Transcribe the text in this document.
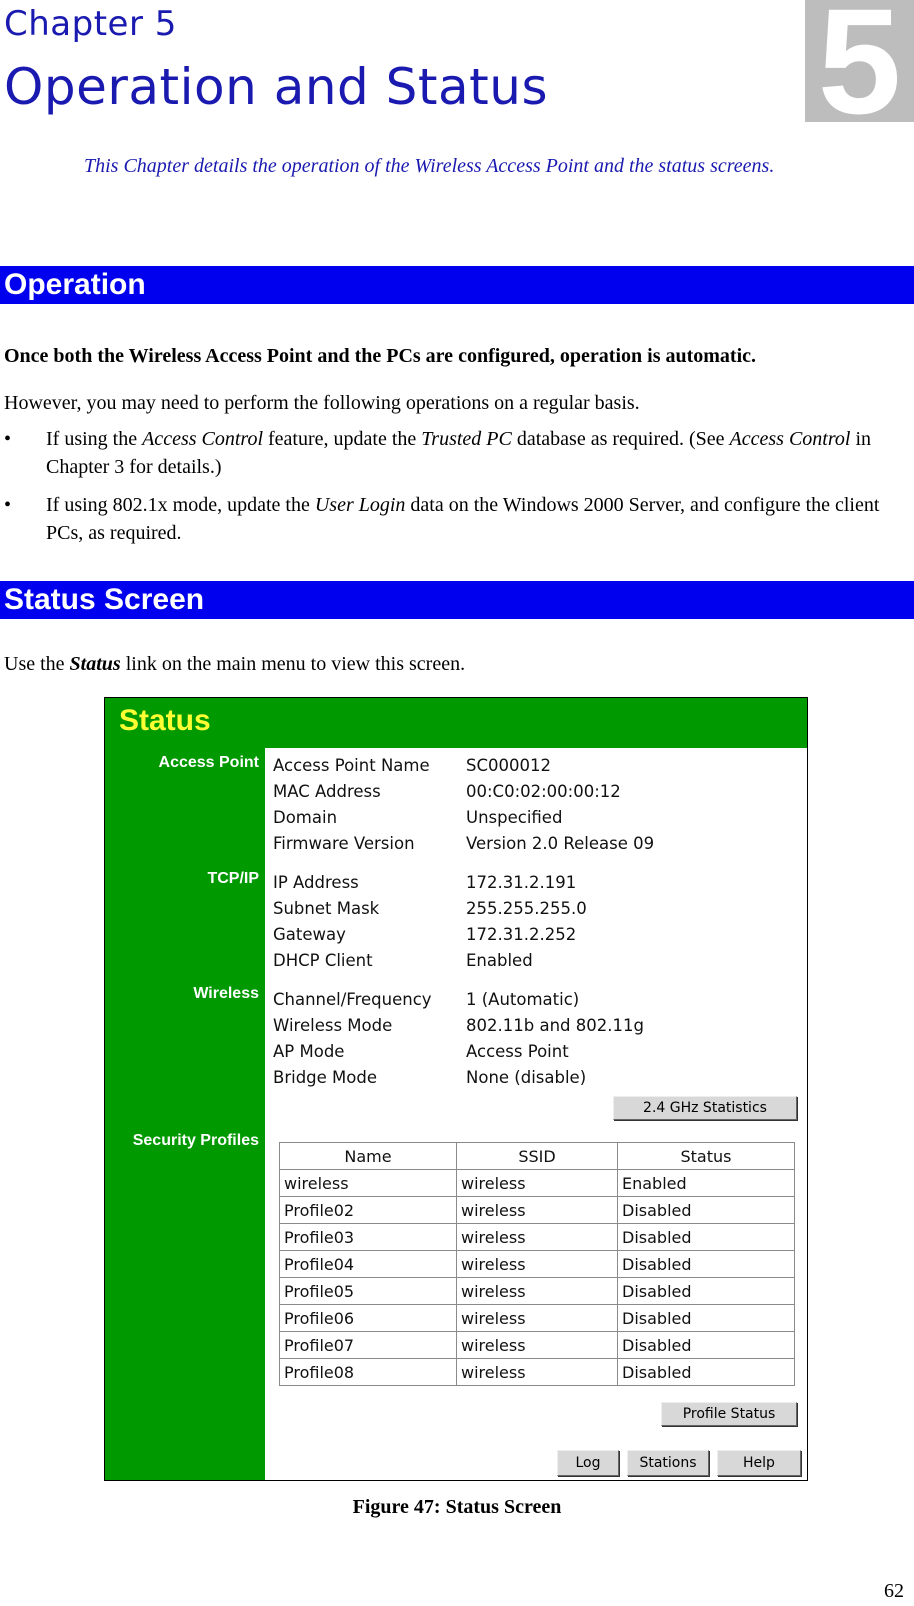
Chapter 5
Operation and Status 5
This Chapter details the operation of the Wireless Access Point and the status screens.
Operation
Once both the Wireless Access Point and the PCs are configured, operation is automatic.
However, you may need to perform the following operations on a regular basis.
• If using the Access Control feature, update the Trusted PC database as required. (See Access Control in Chapter 3 for details.)
• If using 802.1x mode, update the User Login data on the Windows 2000 Server, and configure the client PCs, as required.
Status Screen
Use the Status link on the main menu to view this screen.
Status
Access Point
TCP/IP
Wireless
Security Profiles
Access Point Name SC000012
MAC Address	00:C0:02:00:00:12
Domain	Unspecified
Firmware Version	Version 2.0 Release 09
IP Address	172.31.2.191
Subnet Mask	255.255.255.0
Gateway	172.31.2.252
DHCP Client	Enabled
Channel/Frequency 1 (Automatic)
Wireless Mode	802.11b and 802.11g
AP Mode	Access Point
Bridge Mode	None (disable)
2.4 GHz Statistics
Name	SSID	Status
wireless	wireless	Enabled
Profile02	wireless	Disabled
Profile03	wireless	Disabled
Profile04	wireless	Disabled
Profile05	wireless	Disabled
Profile06	wireless	Disabled
Profile07	wireless	Disabled
Profile08	wireless	Disabled
Profile Status
Log	Stations	Help
Figure 47: Status Screen
62
